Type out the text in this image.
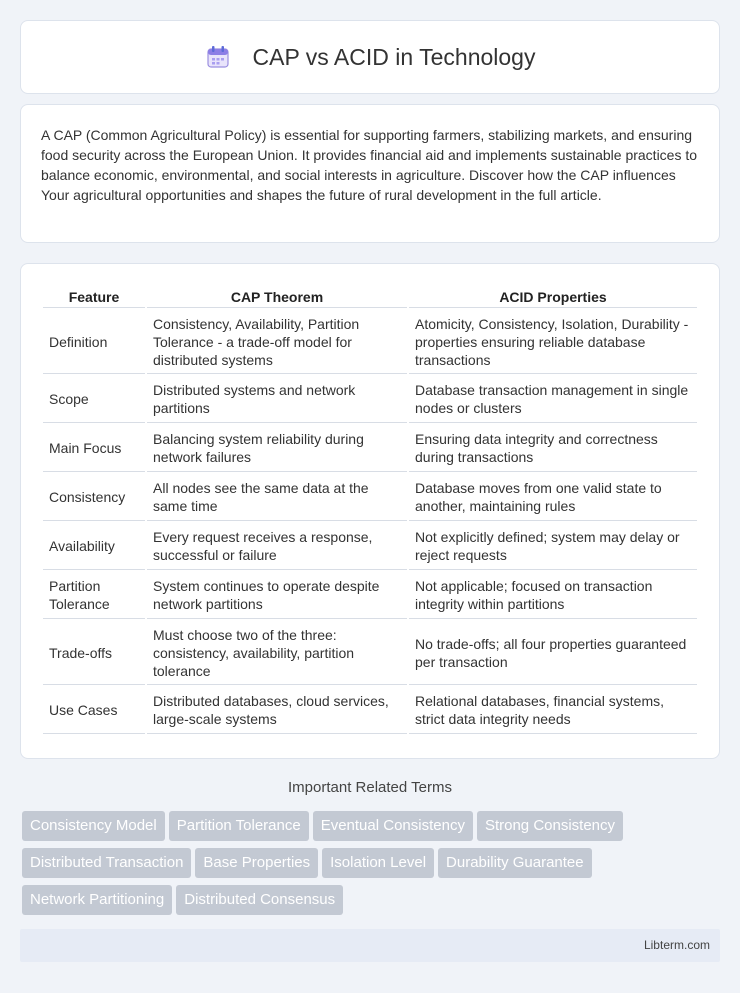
CAP vs ACID in Technology

A CAP (Common Agricultural Policy) is essential for supporting farmers, stabilizing markets, and ensuring food security across the European Union. It provides financial aid and implements sustainable practices to balance economic, environmental, and social interests in agriculture. Discover how the CAP influences Your agricultural opportunities and shapes the future of rural development in the full article.

Feature	CAP Theorem	ACID Properties
Definition	Consistency, Availability, Partition Tolerance - a trade-off model for distributed systems	Atomicity, Consistency, Isolation, Durability - properties ensuring reliable database transactions
Scope	Distributed systems and network partitions	Database transaction management in single nodes or clusters
Main Focus	Balancing system reliability during network failures	Ensuring data integrity and correctness during transactions
Consistency	All nodes see the same data at the same time	Database moves from one valid state to another, maintaining rules
Availability	Every request receives a response, successful or failure	Not explicitly defined; system may delay or reject requests
Partition Tolerance	System continues to operate despite network partitions	Not applicable; focused on transaction integrity within partitions
Trade-offs	Must choose two of the three: consistency, availability, partition tolerance	No trade-offs; all four properties guaranteed per transaction
Use Cases	Distributed databases, cloud services, large-scale systems	Relational databases, financial systems, strict data integrity needs
Important Related Terms
Consistency Model Partition Tolerance Eventual Consistency Strong Consistency
Distributed Transaction Base Properties Isolation Level Durability Guarantee
Network Partitioning Distributed Consensus
Libterm.com
